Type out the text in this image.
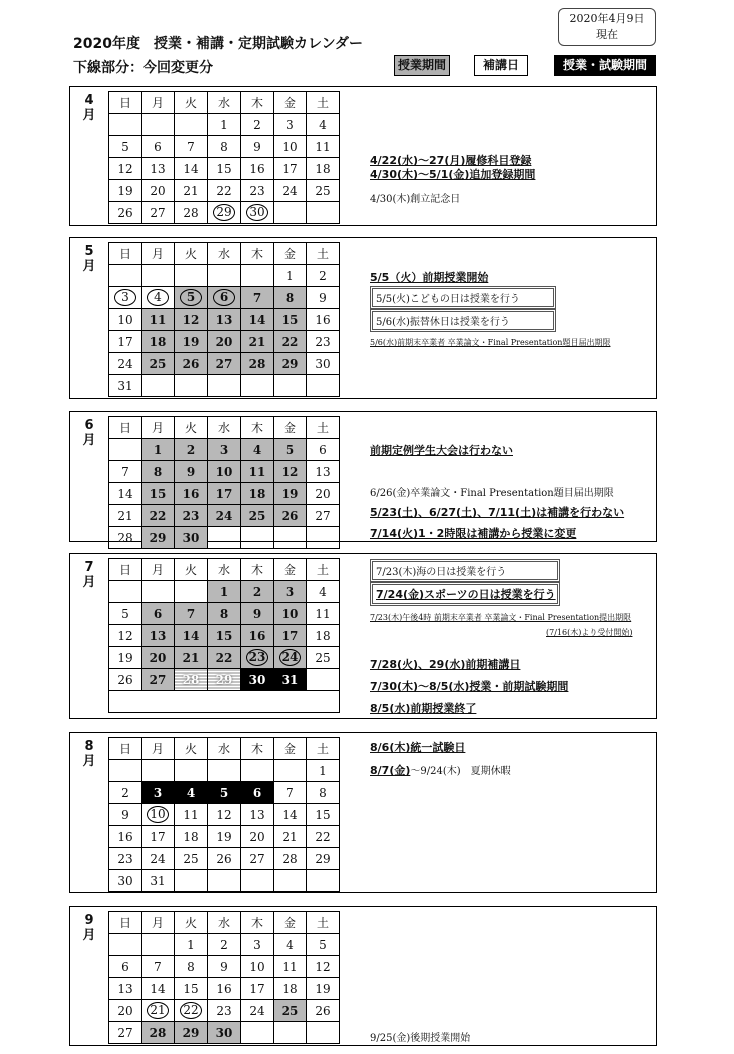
2020年度　授業・補講・定期試験カレンダー
下線部分：今回変更分
2020年4月9日
現在
授業期間	補講日	授業・試験期間
4月
日	月	火	水	木	金	土
			1	2	3	4
5	6	7	8	9	10	11
12	13	14	15	16	17	18
19	20	21	22	23	24	25
26	27	28	29	30		
4/22(水)～27(月)履修科目登録
4/30(木)～5/1(金)追加登録期間
4/30(木)創立記念日
5月
日	月	火	水	木	金	土
					1	2
3	4	5	6	7	8	9
10	11	12	13	14	15	16
17	18	19	20	21	22	23
24	25	26	27	28	29	30
31						
5/5（火）前期授業開始
5/5(火)こどもの日は授業を行う
5/6(水)振替休日は授業を行う
5/6(水)前期末卒業者 卒業論文・Final Presentation題目届出期限
6月
日	月	火	水	木	金	土
	1	2	3	4	5	6
7	8	9	10	11	12	13
14	15	16	17	18	19	20
21	22	23	24	25	26	27
28	29	30				
前期定例学生大会は行わない
6/26(金)卒業論文・Final Presentation題目届出期限
5/23(土)、6/27(土)、7/11(土)は補講を行わない
7/14(火)1・2時限は補講から授業に変更
7月
日	月	火	水	木	金	土
			1	2	3	4
5	6	7	8	9	10	11
12	13	14	15	16	17	18
19	20	21	22	23	24	25
26	27	28	29	30	31	

7/23(木)海の日は授業を行う
7/24(金)スポーツの日は授業を行う
7/23(木)午後4時 前期末卒業者 卒業論文・Final Presentation提出期限
(7/16(木)より受付開始)
7/28(火)、29(水)前期補講日
7/30(木)～8/5(水)授業・前期試験期間
8/5(水)前期授業終了
8月
日	月	火	水	木	金	土
						1
2	3	4	5	6	7	8
9	10	11	12	13	14	15
16	17	18	19	20	21	22
23	24	25	26	27	28	29
30	31					
8/6(木)統一試験日
8/7(金)～9/24(木)　夏期休暇
9月
日	月	火	水	木	金	土
		1	2	3	4	5
6	7	8	9	10	11	12
13	14	15	16	17	18	19
20	21	22	23	24	25	26
27	28	29	30				9/25(金)後期授業開始
